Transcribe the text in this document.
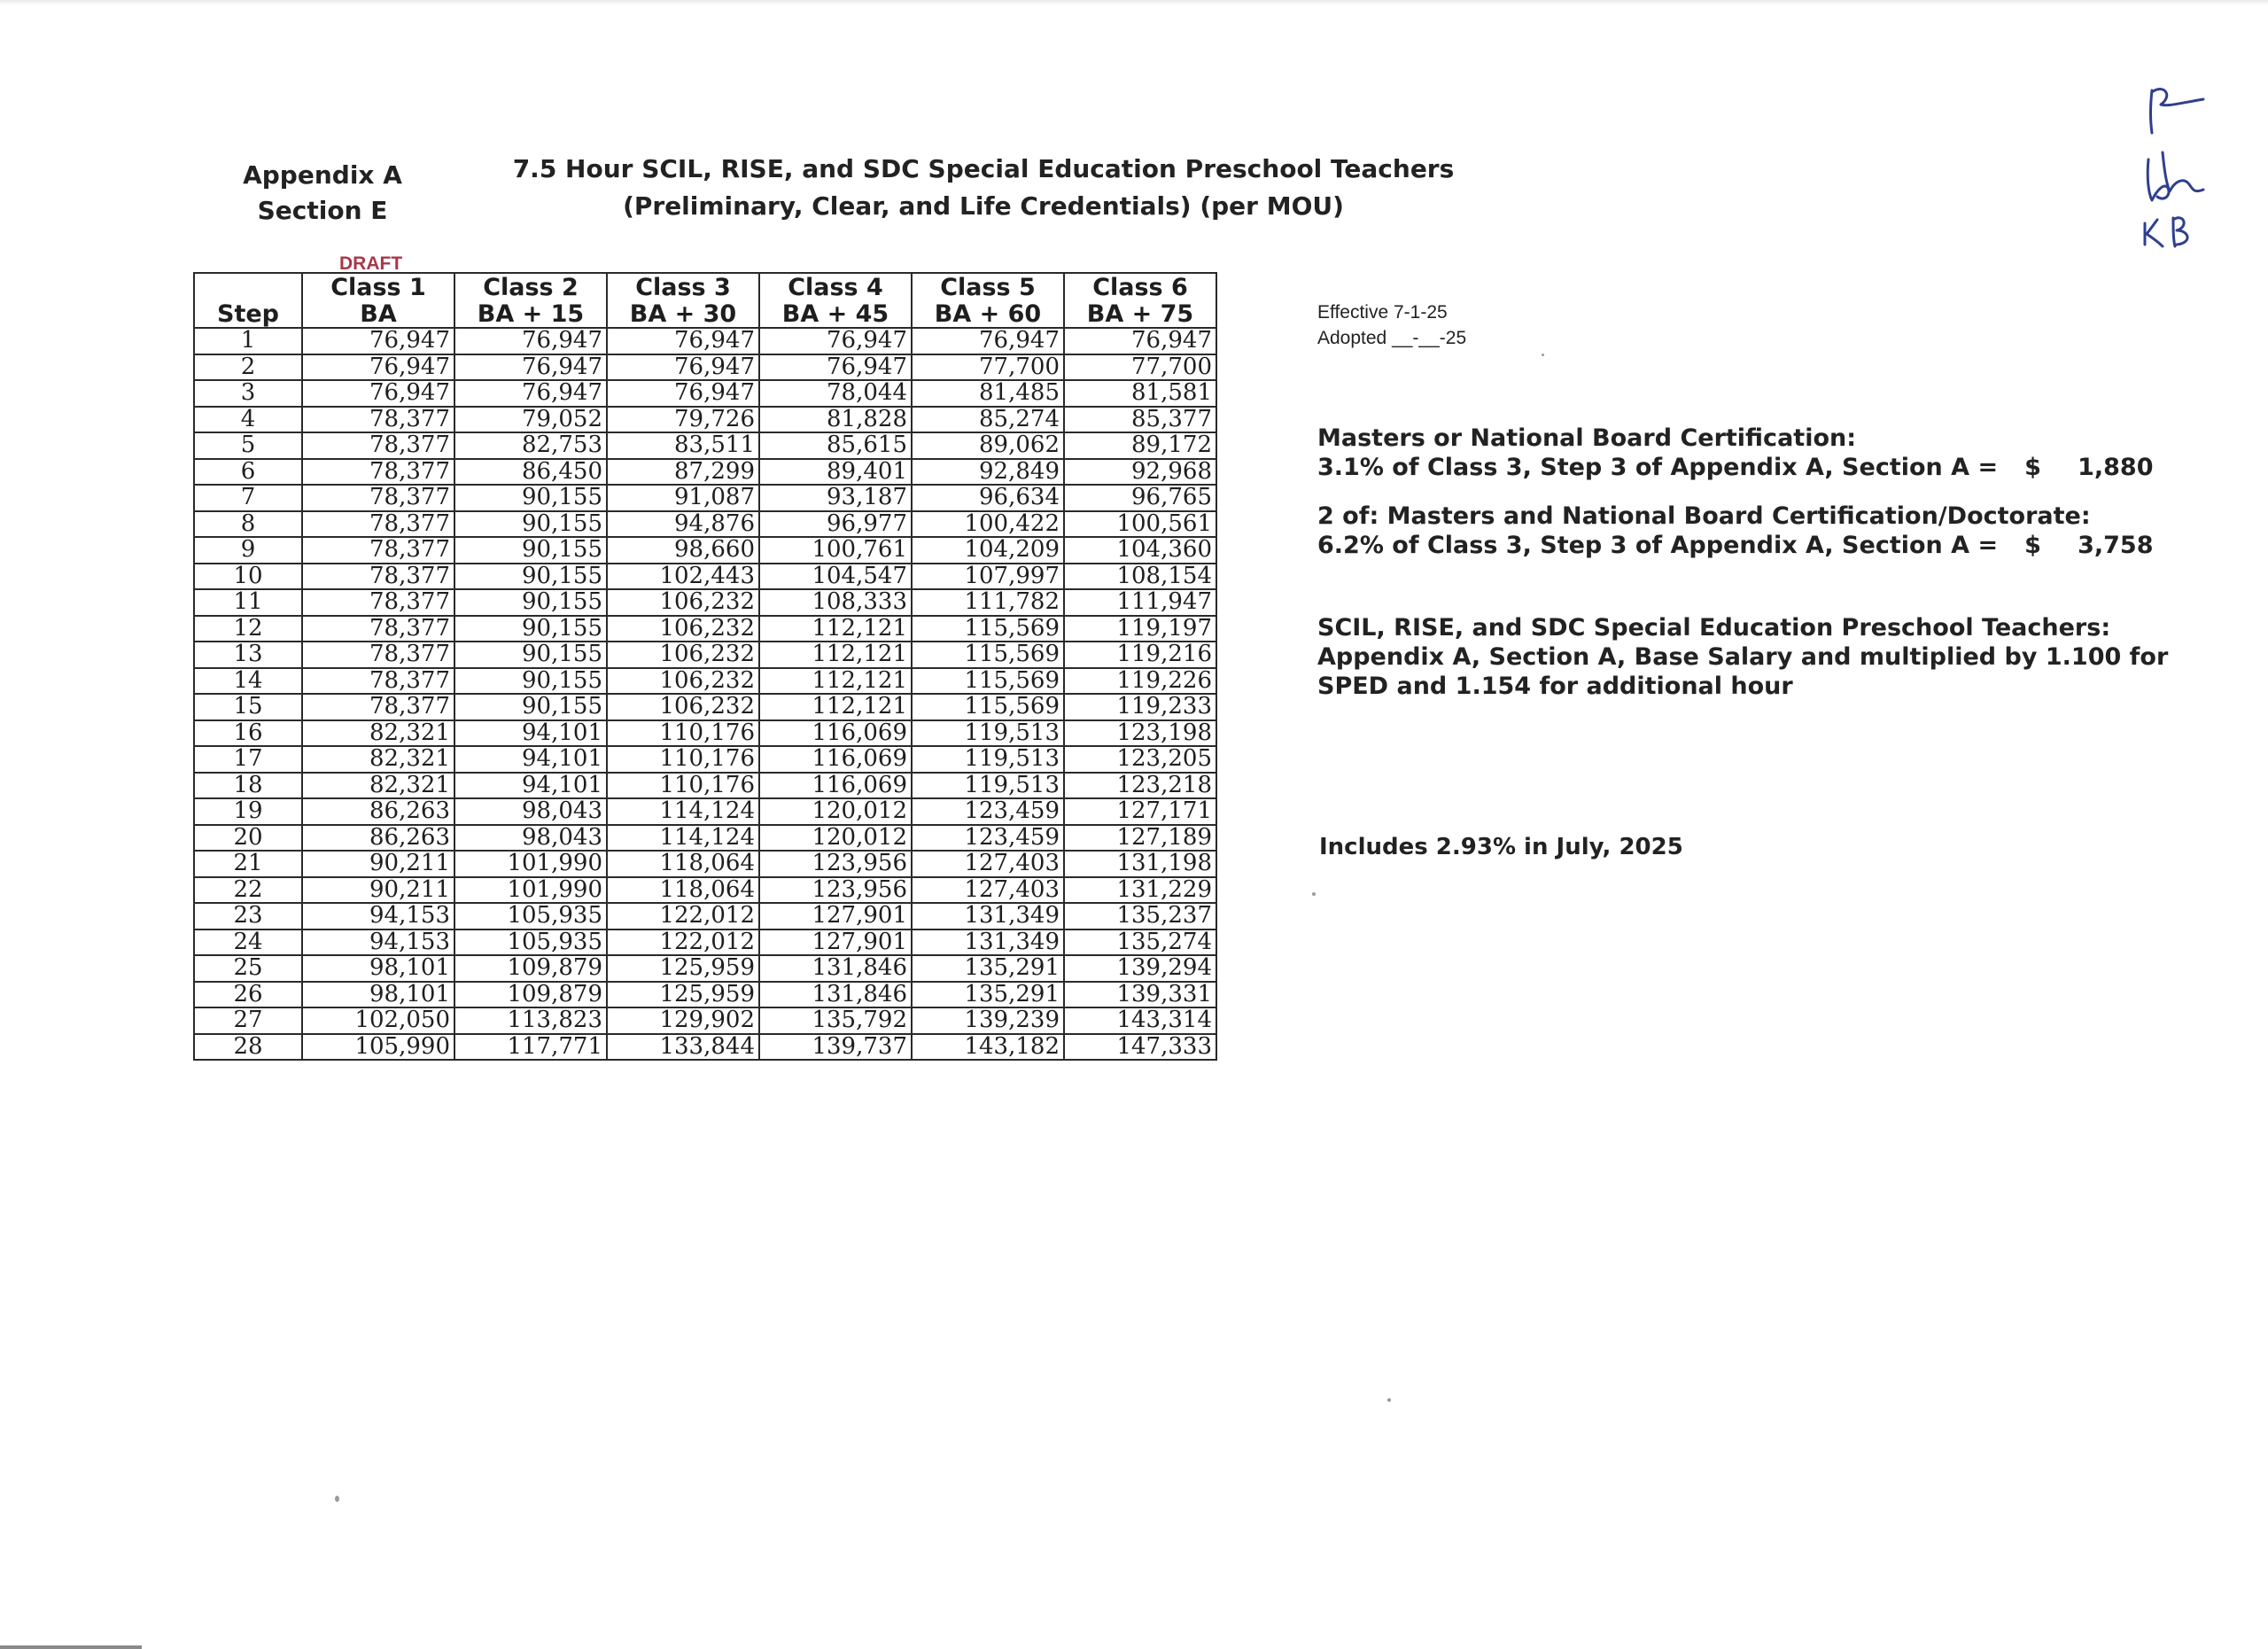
Appendix A
Section E
7.5 Hour SCIL, RISE, and SDC Special Education Preschool Teachers
(Preliminary, Clear, and Life Credentials) (per MOU)
DRAFT
	Class 1	Class 2	Class 3	Class 4	Class 5	Class 6
Step	BA	BA + 15	BA + 30	BA + 45	BA + 60	BA + 75
1	76,947	76,947	76,947	76,947	76,947	76,947
2	76,947	76,947	76,947	76,947	77,700	77,700
3	76,947	76,947	76,947	78,044	81,485	81,581
4	78,377	79,052	79,726	81,828	85,274	85,377
5	78,377	82,753	83,511	85,615	89,062	89,172
6	78,377	86,450	87,299	89,401	92,849	92,968
7	78,377	90,155	91,087	93,187	96,634	96,765
8	78,377	90,155	94,876	96,977	100,422	100,561
9	78,377	90,155	98,660	100,761	104,209	104,360
10	78,377	90,155	102,443	104,547	107,997	108,154
11	78,377	90,155	106,232	108,333	111,782	111,947
12	78,377	90,155	106,232	112,121	115,569	119,197
13	78,377	90,155	106,232	112,121	115,569	119,216
14	78,377	90,155	106,232	112,121	115,569	119,226
15	78,377	90,155	106,232	112,121	115,569	119,233
16	82,321	94,101	110,176	116,069	119,513	123,198
17	82,321	94,101	110,176	116,069	119,513	123,205
18	82,321	94,101	110,176	116,069	119,513	123,218
19	86,263	98,043	114,124	120,012	123,459	127,171
20	86,263	98,043	114,124	120,012	123,459	127,189
21	90,211	101,990	118,064	123,956	127,403	131,198
22	90,211	101,990	118,064	123,956	127,403	131,229
23	94,153	105,935	122,012	127,901	131,349	135,237
24	94,153	105,935	122,012	127,901	131,349	135,274
25	98,101	109,879	125,959	131,846	135,291	139,294
26	98,101	109,879	125,959	131,846	135,291	139,331
27	102,050	113,823	129,902	135,792	139,239	143,314
28	105,990	117,771	133,844	139,737	143,182	147,333
Effective 7-1-25
Adopted __-__-25
Masters or National Board Certification:
3.1% of Class 3, Step 3 of Appendix A, Section A = $ 1,880
2 of: Masters and National Board Certification/Doctorate:
6.2% of Class 3, Step 3 of Appendix A, Section A = $ 3,758
SCIL, RISE, and SDC Special Education Preschool Teachers:
Appendix A, Section A, Base Salary and multiplied by 1.100 for
SPED and 1.154 for additional hour
Includes 2.93% in July, 2025
